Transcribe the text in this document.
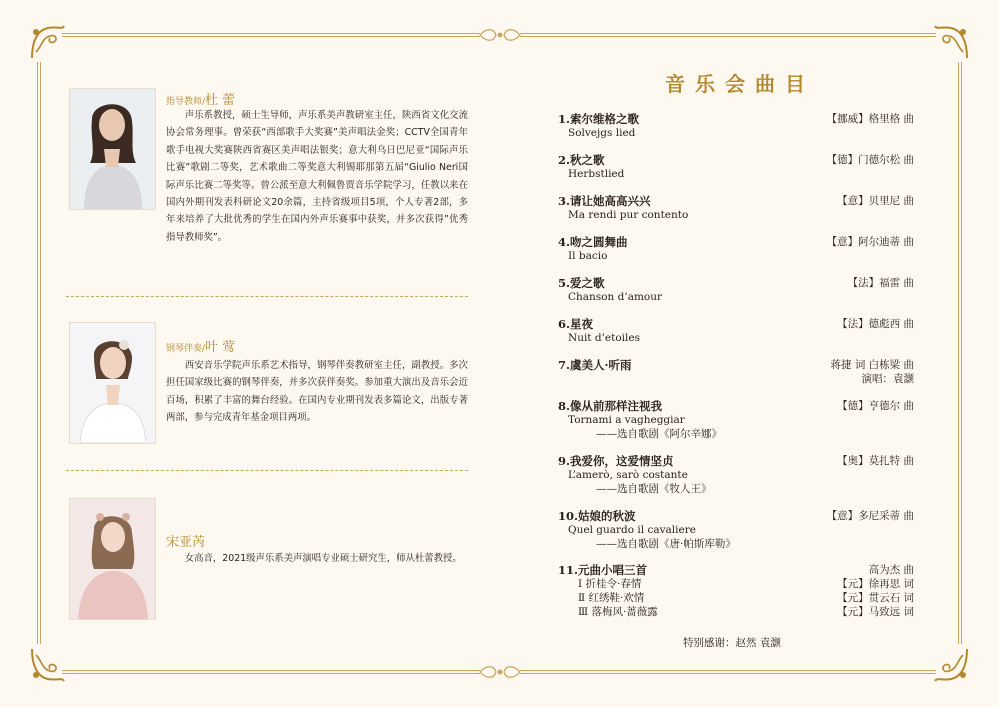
指导教师/杜 蕾

声乐系教授，硕士生导师，声乐系美声教研室主任，陕西省文化交流协会常务理事。曾荣获“西部歌手大奖赛”美声唱法金奖；CCTV全国青年歌手电视大奖赛陕西省赛区美声唱法银奖；意大利乌日巴尼亚“国际声乐比赛”歌剧二等奖，艺术歌曲二等奖意大利锡耶那第五届“Giulio Neri国际声乐比赛二等奖等。曾公派至意大利佩鲁贾音乐学院学习，任教以来在国内外期刊发表科研论文20余篇，主持省级项目5项，个人专著2部，多年来培养了大批优秀的学生在国内外声乐赛事中获奖，并多次获得”优秀指导教师奖”。

钢琴伴奏/叶 莺

西安音乐学院声乐系艺术指导，钢琴伴奏教研室主任，副教授。多次担任国家级比赛的钢琴伴奏，并多次获伴奏奖。参加重大演出及音乐会近百场，积累了丰富的舞台经验。在国内专业期刊发表多篇论文，出版专著两部，参与完成青年基金项目两项。

宋亚芮

女高音，2021级声乐系美声演唱专业硕士研究生，师从杜蕾教授。

音乐会曲目
1.索尔维格之歌	【挪威】格里格 曲
Solvejgs lied
2.秋之歌	【德】门德尔松 曲
Herbstlied
3.请让她高高兴兴	【意】贝里尼 曲
Ma rendi pur contento
4.吻之圆舞曲	【意】阿尔迪蒂 曲
Il bacio
5.爱之歌	【法】福雷 曲
Chanson d’amour
6.星夜	【法】德彪西 曲
Nuit d’etoiles
7.虞美人·听雨	蒋捷 词 白栋梁 曲
演唱：袁灏
8.像从前那样注视我	【德】亨德尔 曲
Tornami a vagheggiar
——选自歌剧《阿尔辛娜》
9.我爱你，这爱情坚贞	【奥】莫扎特 曲
L’amerò, sarò costante
——选自歌剧《牧人王》
10.姑娘的秋波	【意】多尼采蒂 曲
Quel guardo il cavaliere
——选自歌剧《唐·帕斯库勒》
11.元曲小唱三首	高为杰 曲
Ⅰ 折桂令·春情	【元】徐再思 词
Ⅱ 红绣鞋·欢情	【元】贯云石 词
Ⅲ 落梅风·蔷薇露	【元】马致远 词
特别感谢：赵然 袁灏
